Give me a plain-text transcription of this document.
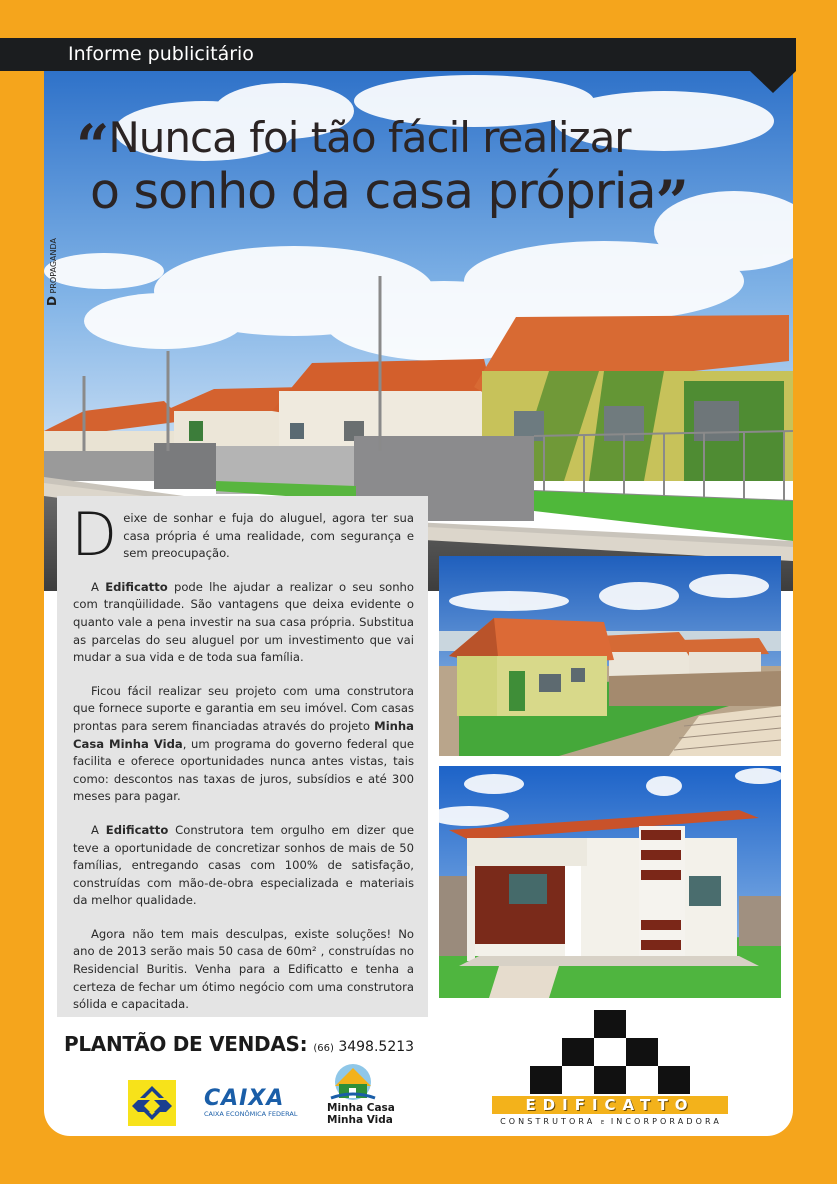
“Nunca foi tão fácil realizar
o sonho da casa própria”
D PROPAGANDA

Deixe de sonhar e fuja do aluguel, agora ter sua casa própria é uma realidade, com segurança e sem preocupação.

A Edificatto pode lhe ajudar a realizar o seu sonho com tranqüilidade. São vantagens que deixa evidente o quanto vale a pena investir na sua casa própria. Substitua as parcelas do seu aluguel por um investimento que vai mudar a sua vida e de toda sua família.

Ficou fácil realizar seu projeto com uma construtora que fornece suporte e garantia em seu imóvel. Com casas prontas para serem financiadas através do projeto Minha Casa Minha Vida, um programa do governo federal que facilita e oferece oportunidades nunca antes vistas, tais como: descontos nas taxas de juros, subsídios e até 300 meses para pagar.

A Edificatto Construtora tem orgulho em dizer que teve a oportunidade de concretizar sonhos de mais de 50 famílias, entregando casas com 100% de satisfação, construídas com mão-de-obra especializada e materiais da melhor qualidade.

Agora não tem mais desculpas, existe soluções! No ano de 2013 serão mais 50 casa de 60m² , construídas no Residencial Buritis. Venha para a Edificatto e tenha a certeza de fechar um ótimo negócio com uma construtora sólida e capacitada.

PLANTÃO DE VENDAS: (66) 3498.5213
CAIXA
CAIXA ECONÔMICA FEDERAL	Minha Casa
Minha Vida
EDIFICATTO
CONSTRUTORA E INCORPORADORA
Informe publicitário
